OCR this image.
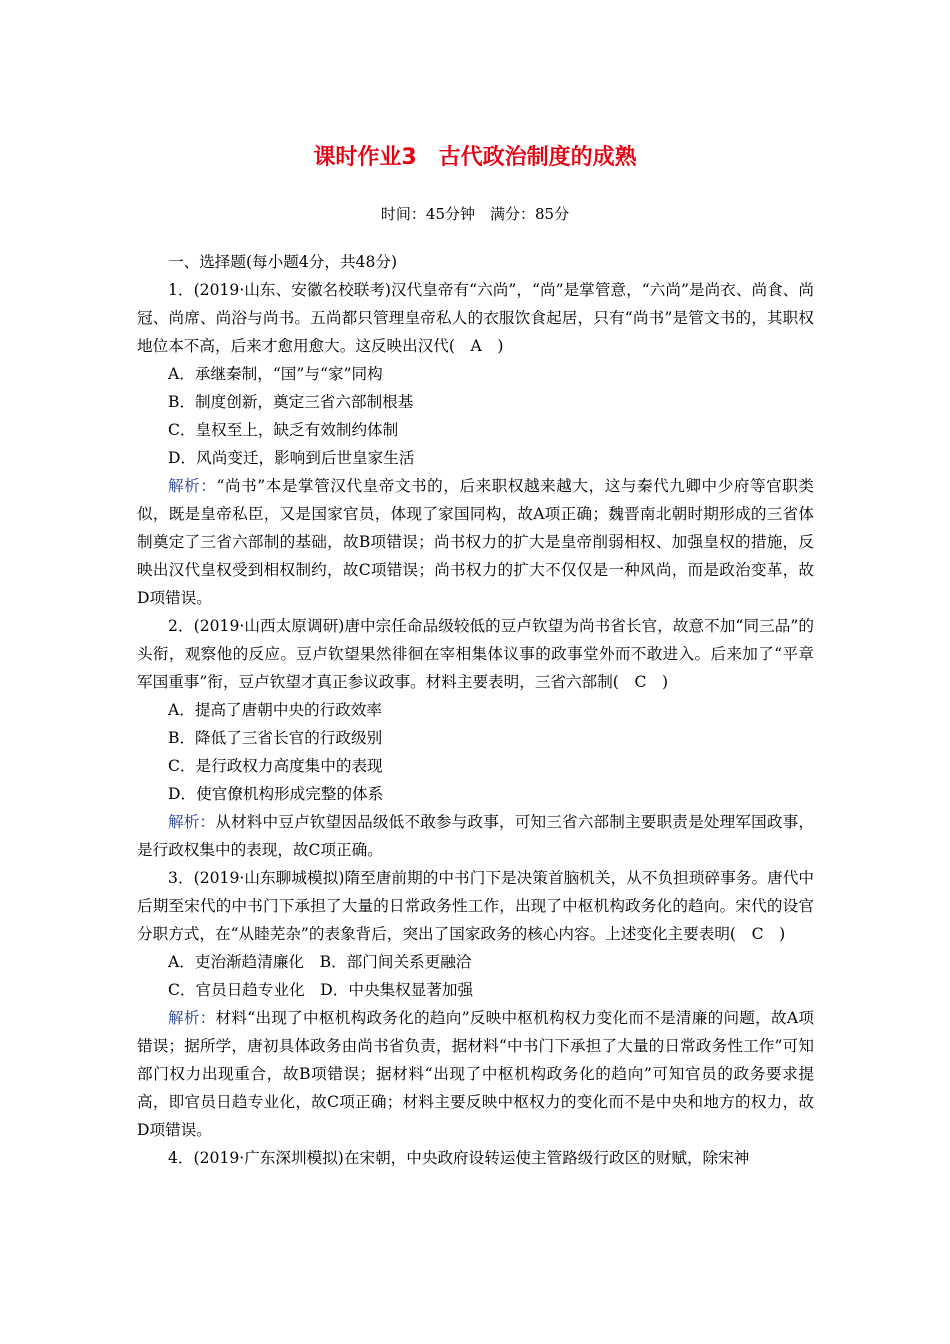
课时作业3　古代政治制度的成熟
时间：45分钟　满分：85分

一、选择题(每小题4分，共48分)

1．(2019·山东、安徽名校联考)汉代皇帝有“六尚”，“尚”是掌管意，“六尚”是尚衣、尚食、尚冠、尚席、尚浴与尚书。五尚都只管理皇帝私人的衣服饮食起居，只有“尚书”是管文书的，其职权地位本不高，后来才愈用愈大。这反映出汉代(　A　)

A．承继秦制，“国”与“家”同构

B．制度创新，奠定三省六部制根基

C．皇权至上，缺乏有效制约体制

D．风尚变迁，影响到后世皇家生活

解析：“尚书”本是掌管汉代皇帝文书的，后来职权越来越大，这与秦代九卿中少府等官职类似，既是皇帝私臣，又是国家官员，体现了家国同构，故A项正确；魏晋南北朝时期形成的三省体制奠定了三省六部制的基础，故B项错误；尚书权力的扩大是皇帝削弱相权、加强皇权的措施，反映出汉代皇权受到相权制约，故C项错误；尚书权力的扩大不仅仅是一种风尚，而是政治变革，故D项错误。

2．(2019·山西太原调研)唐中宗任命品级较低的豆卢钦望为尚书省长官，故意不加“同三品”的头衔，观察他的反应。豆卢钦望果然徘徊在宰相集体议事的政事堂外而不敢进入。后来加了“平章军国重事”衔，豆卢钦望才真正参议政事。材料主要表明，三省六部制(　C　)

A．提高了唐朝中央的行政效率

B．降低了三省长官的行政级别

C．是行政权力高度集中的表现

D．使官僚机构形成完整的体系

解析：从材料中豆卢钦望因品级低不敢参与政事，可知三省六部制主要职责是处理军国政事，是行政权集中的表现，故C项正确。

3．(2019·山东聊城模拟)隋至唐前期的中书门下是决策首脑机关，从不负担琐碎事务。唐代中后期至宋代的中书门下承担了大量的日常政务性工作，出现了中枢机构政务化的趋向。宋代的设官分职方式，在“从睦芜杂”的表象背后，突出了国家政务的核心内容。上述变化主要表明(　C　)

A．吏治渐趋清廉化　B．部门间关系更融洽

C．官员日趋专业化　D．中央集权显著加强

解析：材料“出现了中枢机构政务化的趋向”反映中枢机构权力变化而不是清廉的问题，故A项错误；据所学，唐初具体政务由尚书省负责，据材料“中书门下承担了大量的日常政务性工作”可知部门权力出现重合，故B项错误；据材料“出现了中枢机构政务化的趋向”可知官员的政务要求提高，即官员日趋专业化，故C项正确；材料主要反映中枢权力的变化而不是中央和地方的权力，故D项错误。

4．(2019·广东深圳模拟)在宋朝，中央政府设转运使主管路级行政区的财赋，除宋神
